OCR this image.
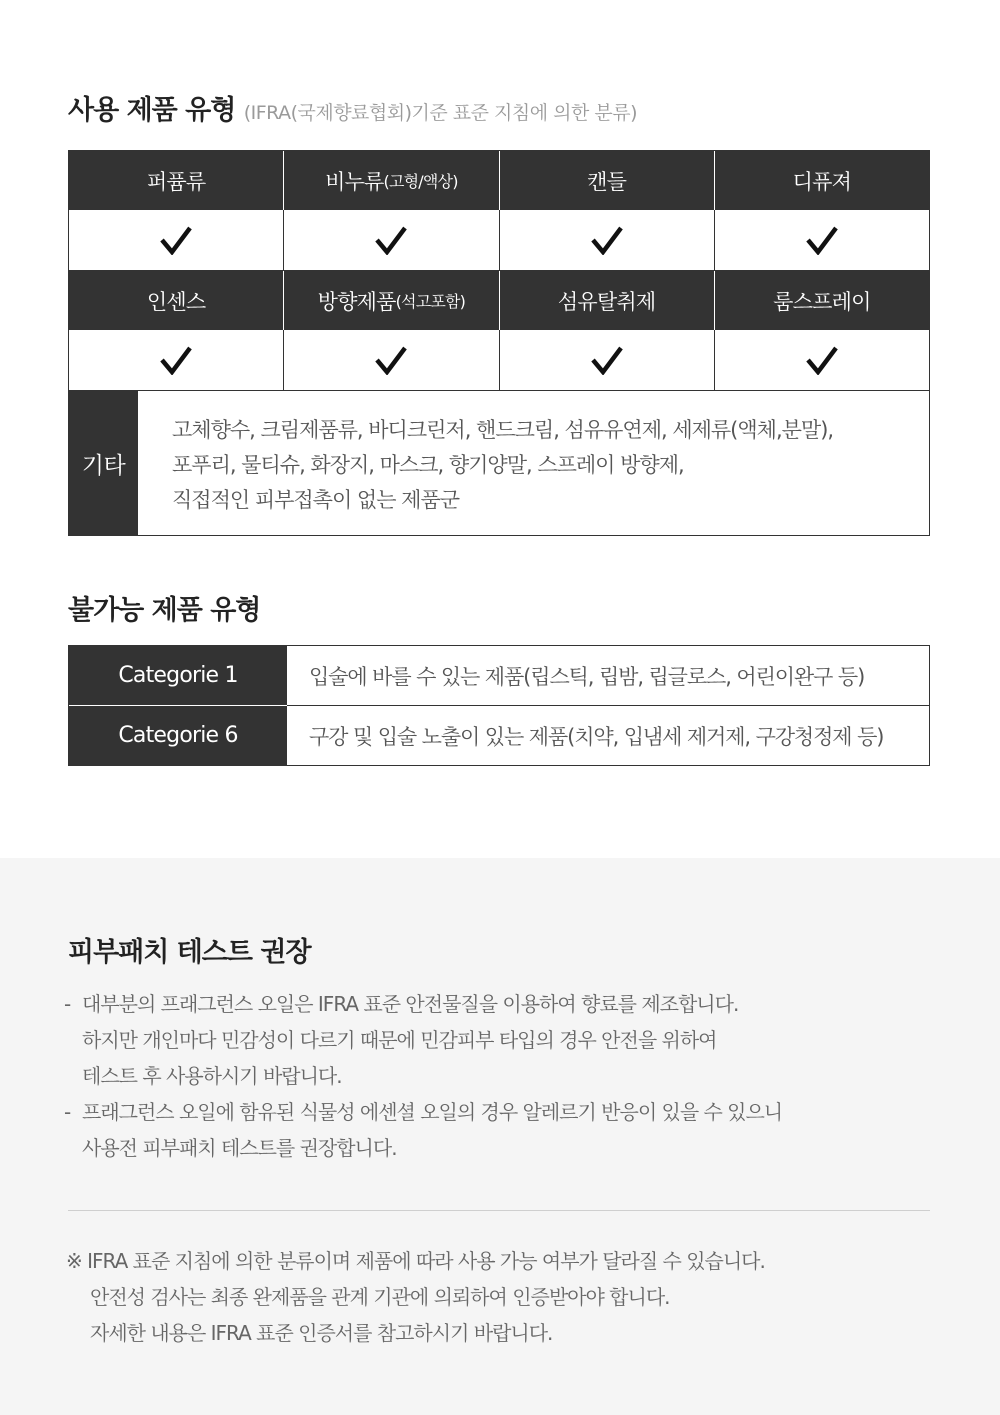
사용 제품 유형 (IFRA(국제향료협회)기준 표준 지침에 의한 분류)
퍼퓸류	비누류 (고형/액상)	캔들	디퓨져
인센스	방향제품 (석고포함)	섬유탈취제	룸스프레이
기타
고체향수, 크림제품류, 바디크린저, 핸드크림, 섬유유연제, 세제류(액체,분말),
포푸리, 물티슈, 화장지, 마스크, 향기양말, 스프레이 방향제,
직접적인 피부접촉이 없는 제품군
불가능 제품 유형
Categorie 1	입술에 바를 수 있는 제품(립스틱, 립밤, 립글로스, 어린이완구 등)
Categorie 6	구강 및 입술 노출이 있는 제품(치약, 입냄세 제거제, 구강청정제 등)
피부패치 테스트 권장
- 대부분의 프래그런스 오일은 IFRA 표준 안전물질을 이용하여 향료를 제조합니다.
하지만 개인마다 민감성이 다르기 때문에 민감피부 타입의 경우 안전을 위하여
테스트 후 사용하시기 바랍니다.
- 프래그런스 오일에 함유된 식물성 에센셜 오일의 경우 알레르기 반응이 있을 수 있으니
사용전 피부패치 테스트를 권장합니다.
※ IFRA 표준 지침에 의한 분류이며 제품에 따라 사용 가능 여부가 달라질 수 있습니다.
안전성 검사는 최종 완제품을 관계 기관에 의뢰하여 인증받아야 합니다.
자세한 내용은 IFRA 표준 인증서를 참고하시기 바랍니다.
